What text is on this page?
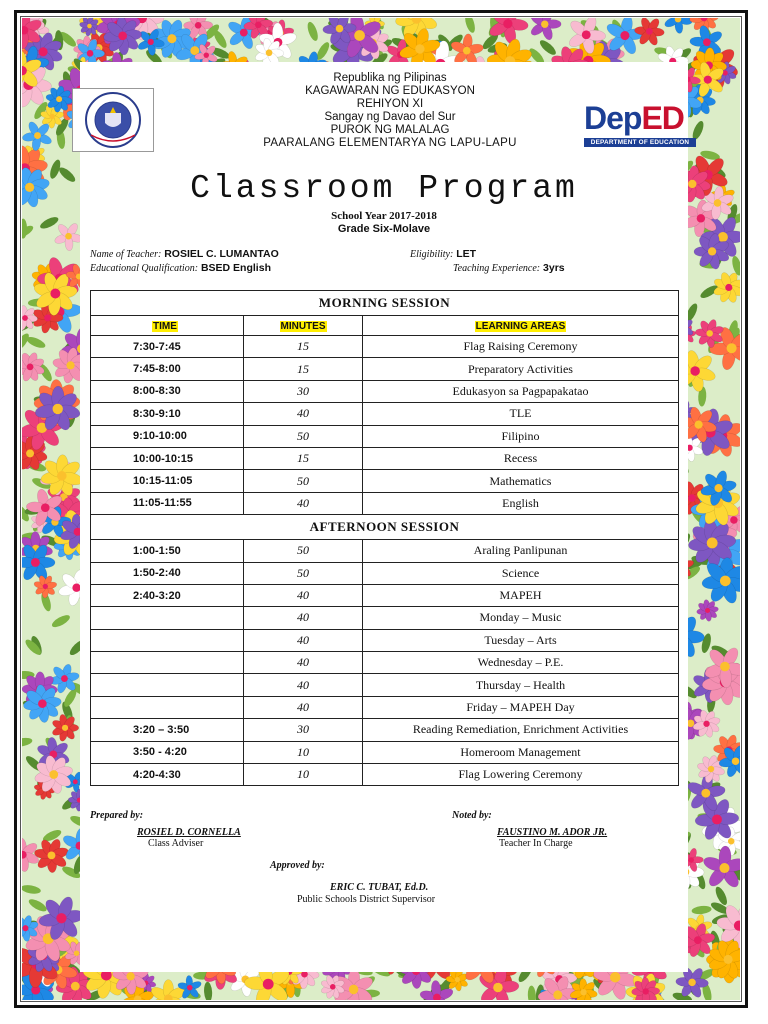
DepED
DEPARTMENT OF EDUCATION
Republika ng Pilipinas
KAGAWARAN NG EDUKASYON
REHIYON XI
Sangay ng Davao del Sur
PUROK NG MALALAG
PAARALANG ELEMENTARYA NG LAPU-LAPU
Classroom Program
School Year 2017-2018
Grade Six-Molave
Name of Teacher: ROSIEL C. LUMANTAO	Eligibility: LET
Educational Qualification: BSED English	Teaching Experience: 3yrs
MORNING SESSION		
TIME	MINUTES	LEARNING AREAS
7:30-7:45	15	Flag Raising Ceremony
7:45-8:00	15	Preparatory Activities
8:00-8:30	30	Edukasyon sa Pagpapakatao
8:30-9:10	40	TLE
9:10-10:00	50	Filipino
10:00-10:15	15	Recess
10:15-11:05	50	Mathematics
11:05-11:55	40	English
AFTERNOON SESSION		
1:00-1:50	50	Araling Panlipunan
1:50-2:40	50	Science
2:40-3:20	40	MAPEH
	40	Monday – Music
	40	Tuesday – Arts
	40	Wednesday – P.E.
	40	Thursday – Health
	40	Friday – MAPEH Day
3:20 – 3:50	30	Reading Remediation, Enrichment Activities
3:50 - 4:20	10	Homeroom Management
4:20-4:30	10	Flag Lowering Ceremony
Prepared by:
ROSIEL D. CORNELLA
Class Adviser
Noted by:
FAUSTINO M. ADOR JR.
Teacher In Charge
Approved by:
ERIC C. TUBAT, Ed.D.
Public Schools District Supervisor
